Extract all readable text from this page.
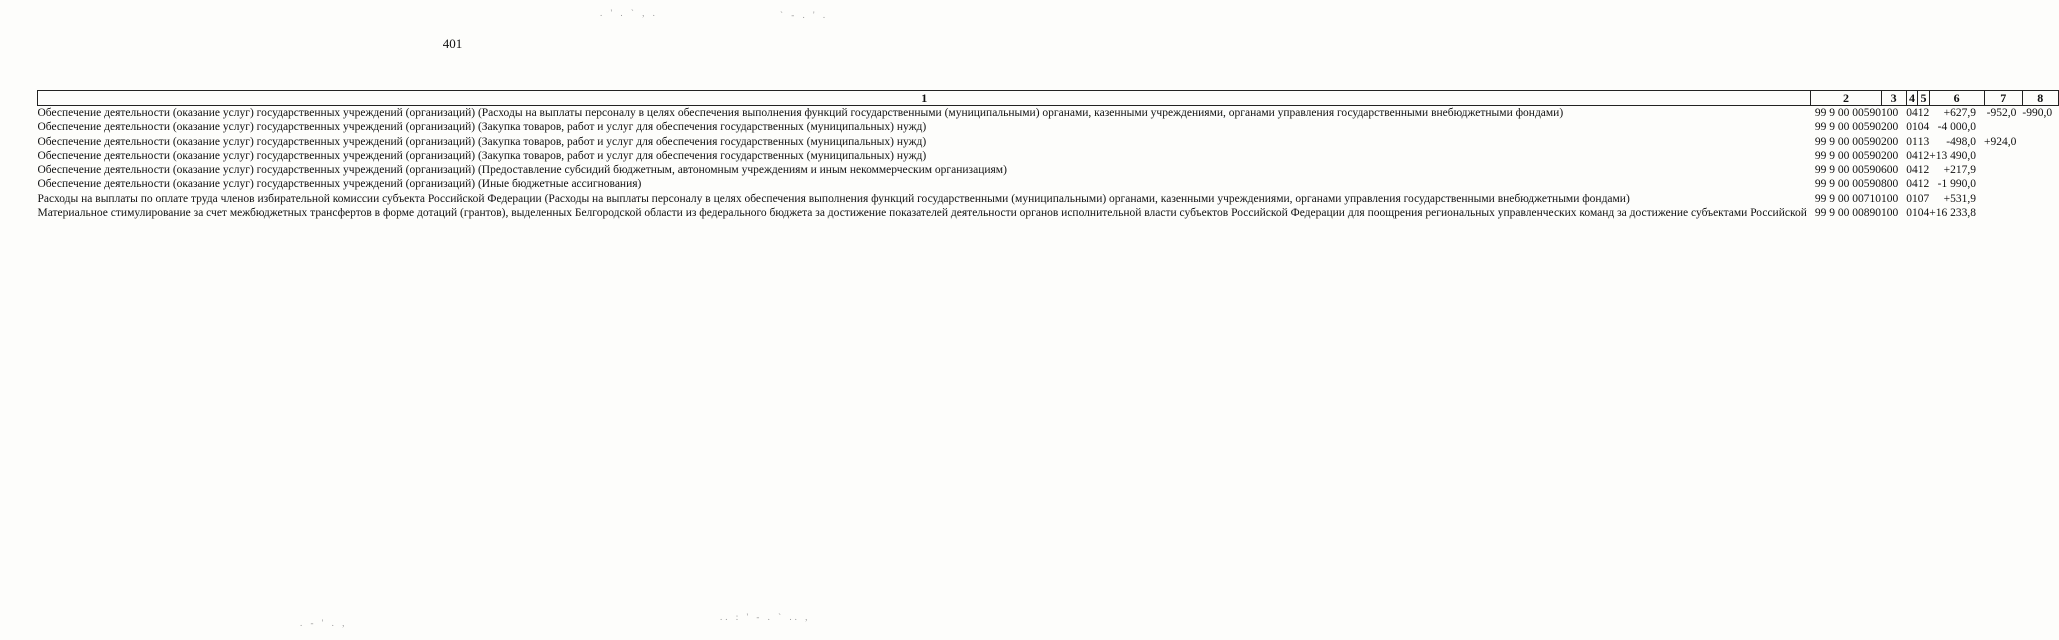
401
. ' . ` , .	` - . ' .
. - ' . ,
.. : ' - . ` .. ,
1	2	3	4	5	6	7	8
Обеспечение деятельности (оказание услуг) государственных учреждений (организаций) (Расходы на выплаты персоналу в целях обеспечения выполнения функций государственными (муниципальными) органами, казенными учреждениями, органами управления государственными внебюджетными фондами)	99 9 00 00590	100	04	12	+627,9	-952,0	-990,0
Обеспечение деятельности (оказание услуг) государственных учреждений (организаций) (Закупка товаров, работ и услуг для обеспечения государственных (муниципальных) нужд)	99 9 00 00590	200	01	04	-4 000,0		
Обеспечение деятельности (оказание услуг) государственных учреждений (организаций) (Закупка товаров, работ и услуг для обеспечения государственных (муниципальных) нужд)	99 9 00 00590	200	01	13	-498,0	+924,0	
Обеспечение деятельности (оказание услуг) государственных учреждений (организаций) (Закупка товаров, работ и услуг для обеспечения государственных (муниципальных) нужд)	99 9 00 00590	200	04	12	+13 490,0		
Обеспечение деятельности (оказание услуг) государственных учреждений (организаций) (Предоставление субсидий бюджетным, автономным учреждениям и иным некоммерческим организациям)	99 9 00 00590	600	04	12	+217,9		
Обеспечение деятельности (оказание услуг) государственных учреждений (организаций) (Иные бюджетные ассигнования)	99 9 00 00590	800	04	12	-1 990,0		
Расходы на выплаты по оплате труда членов избирательной комиссии субъекта Российской Федерации (Расходы на выплаты персоналу в целях обеспечения выполнения функций государственными (муниципальными) органами, казенными учреждениями, органами управления государственными внебюджетными фондами)	99 9 00 00710	100	01	07	+531,9		
Материальное стимулирование за счет межбюджетных трансфертов в форме дотаций (грантов), выделенных Белгородской области из федерального бюджета за достижение показателей деятельности органов исполнительной власти субъектов Российской Федерации для поощрения региональных управленческих команд за достижение субъектами Российской	99 9 00 00890	100	01	04	+16 233,8		
